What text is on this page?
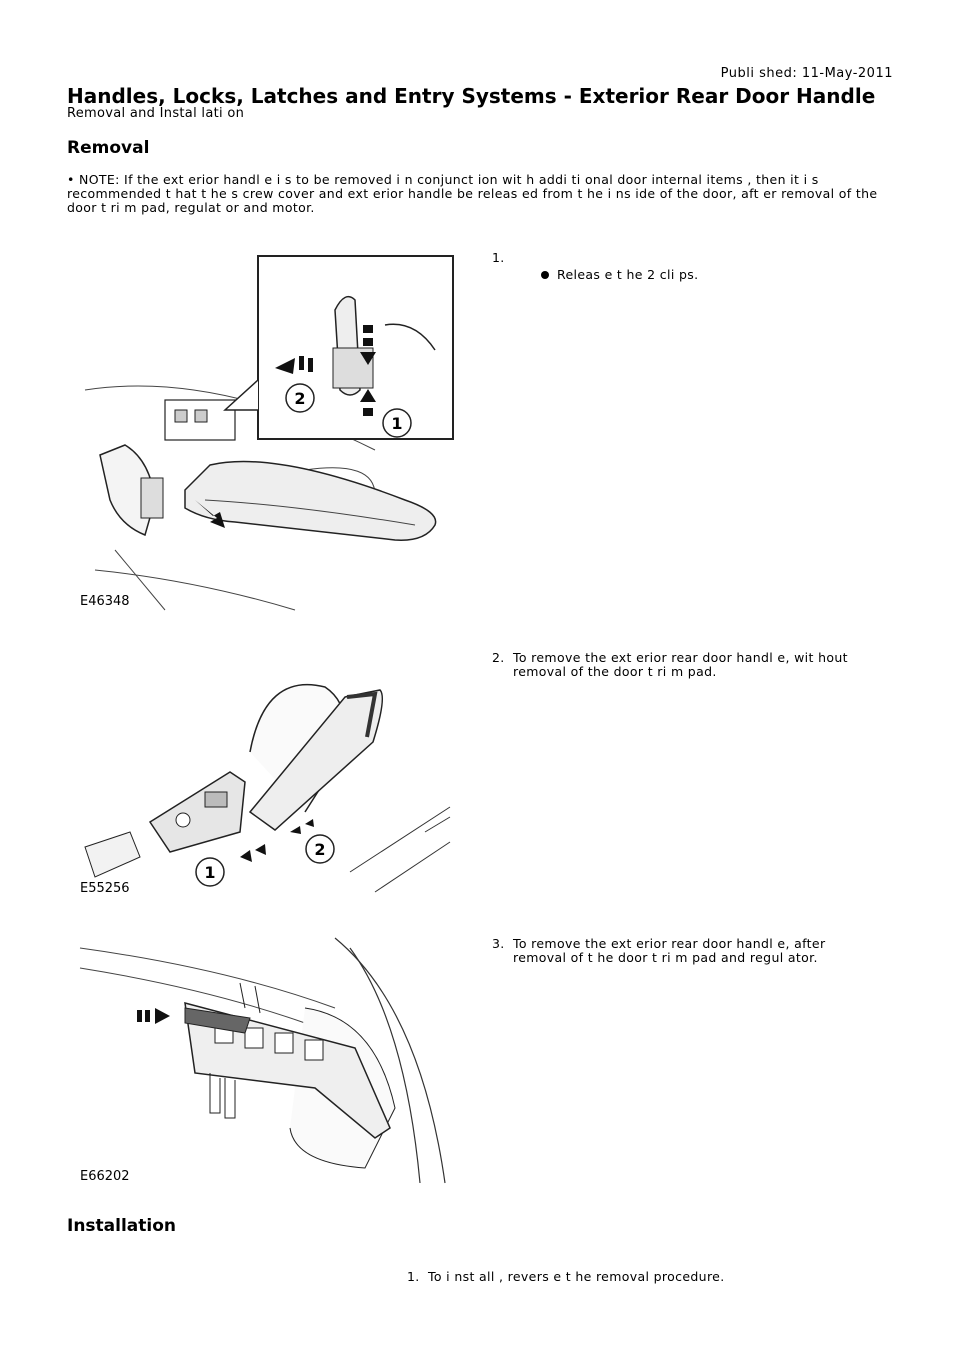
Publi shed: 11-May-2011
Handles, Locks, Latches and Entry Systems - Exterior Rear Door Handle
Removal and Instal lati on
Removal
• NOTE: If the ext erior handl e i s to be removed i n conjunct ion wit h addi ti onal door internal items , then it i s recommended t hat t he s crew cover and ext erior handle be releas ed from t he i ns ide of the door, aft er removal of the door t ri m pad, regulat or and motor.
2
1
E46348
1.
Releas e t he 2 cli ps.
2
1
E55256
2. To remove the ext erior rear door handl e, wit hout removal of the door t ri m pad.
E66202
3. To remove the ext erior rear door handl e, after removal of t he door t ri m pad and regul ator.
Installation
1. To i nst all , revers e t he removal procedure.
